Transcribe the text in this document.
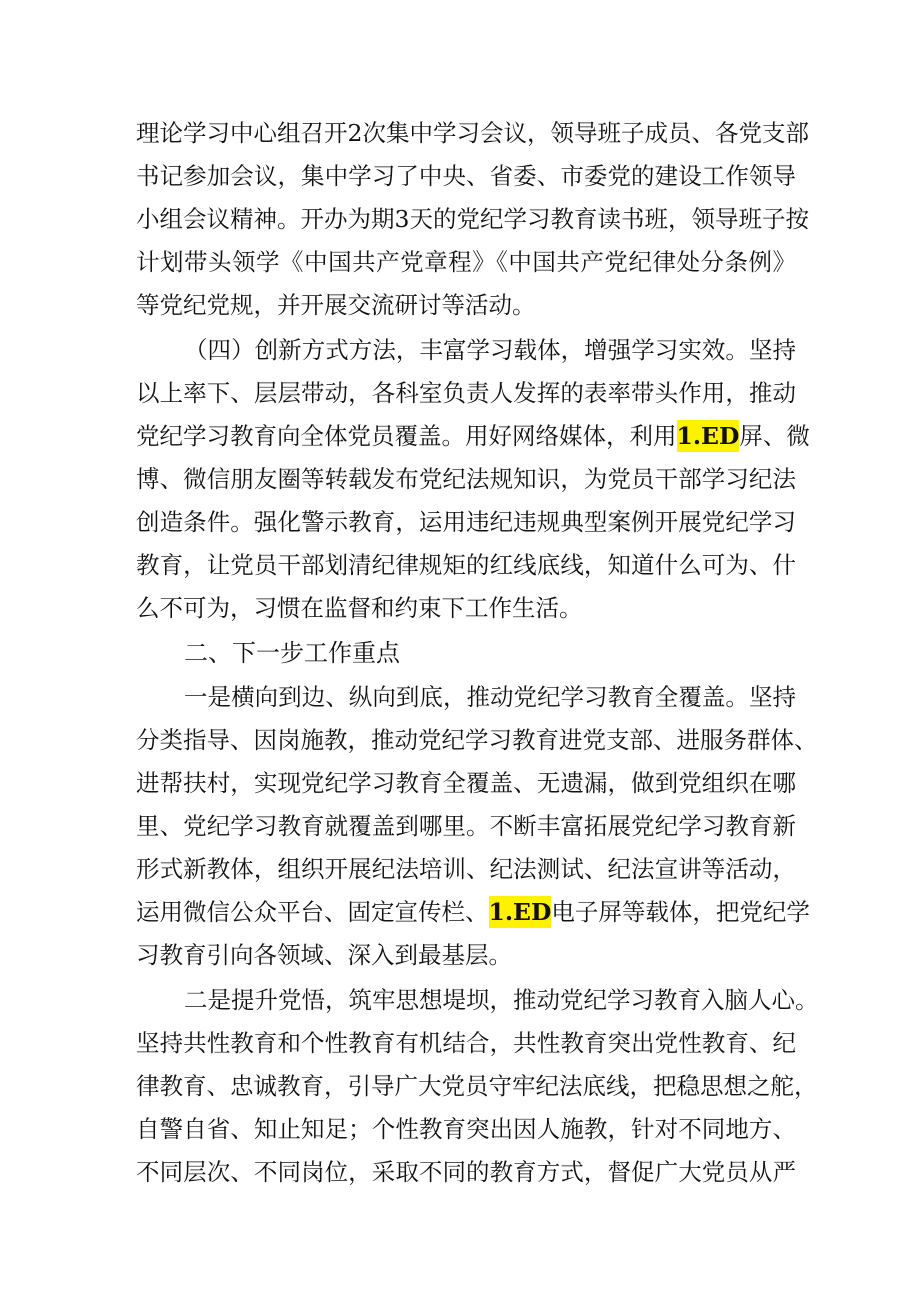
理论学习中心组召开2次集中学习会议，领导班子成员、各党支部
书记参加会议，集中学习了中央、省委、市委党的建设工作领导
小组会议精神。开办为期3天的党纪学习教育读书班，领导班子按
计划带头领学《中国共产党章程》《中国共产党纪律处分条例》
等党纪党规，并开展交流研讨等活动。
（四）创新方式方法，丰富学习载体，增强学习实效。坚持
以上率下、层层带动，各科室负责人发挥的表率带头作用，推动
党纪学习教育向全体党员覆盖。用好网络媒体，利用1.ED屏、微
博、微信朋友圈等转载发布党纪法规知识，为党员干部学习纪法
创造条件。强化警示教育，运用违纪违规典型案例开展党纪学习
教育，让党员干部划清纪律规矩的红线底线，知道什么可为、什
么不可为，习惯在监督和约束下工作生活。
二、下一步工作重点
一是横向到边、纵向到底，推动党纪学习教育全覆盖。坚持
分类指导、因岗施教，推动党纪学习教育进党支部、进服务群体、
进帮扶村，实现党纪学习教育全覆盖、无遗漏，做到党组织在哪
里、党纪学习教育就覆盖到哪里。不断丰富拓展党纪学习教育新
形式新教体，组织开展纪法培训、纪法测试、纪法宣讲等活动，
运用微信公众平台、固定宣传栏、1.ED电子屏等载体，把党纪学
习教育引向各领域、深入到最基层。
二是提升党悟，筑牢思想堤坝，推动党纪学习教育入脑人心。
坚持共性教育和个性教育有机结合，共性教育突出党性教育、纪
律教育、忠诚教育，引导广大党员守牢纪法底线，把稳思想之舵，
自警自省、知止知足；个性教育突出因人施教，针对不同地方、
不同层次、不同岗位，采取不同的教育方式，督促广大党员从严
